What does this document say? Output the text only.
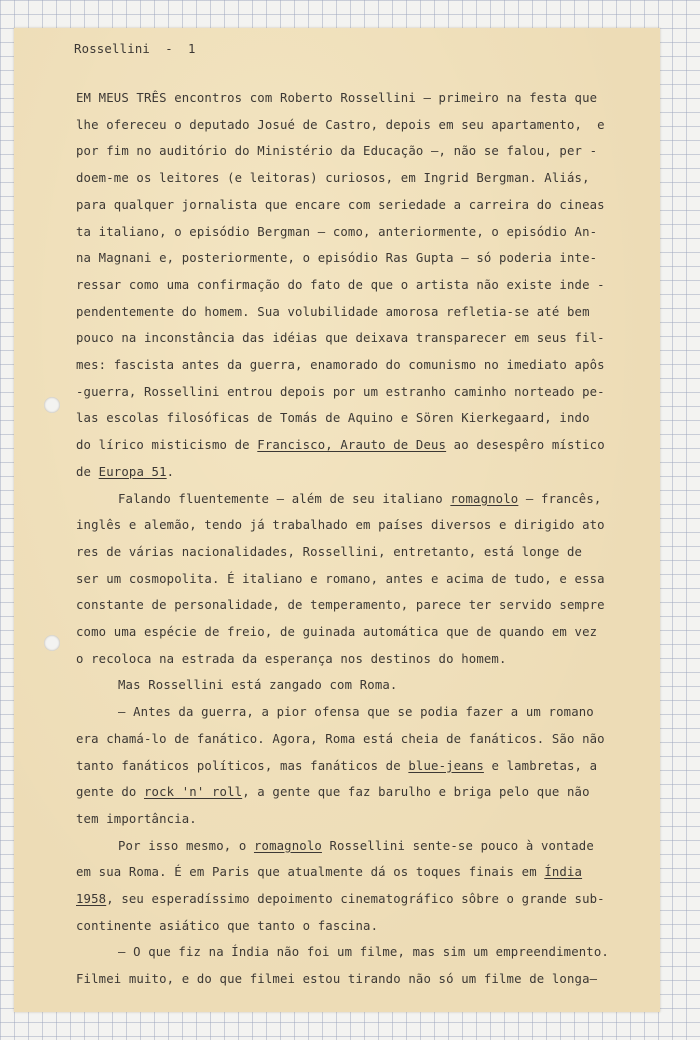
Rossellini  -  1
EM MEUS TRÊS encontros com Roberto Rossellini — primeiro na festa que
lhe ofereceu o deputado Josué de Castro, depois em seu apartamento,  e
por fim no auditório do Ministério da Educação —, não se falou, per -
doem-me os leitores (e leitoras) curiosos, em Ingrid Bergman. Aliás,
para qualquer jornalista que encare com seriedade a carreira do cineas
ta italiano, o episódio Bergman — como, anteriormente, o episódio An-
na Magnani e, posteriormente, o episódio Ras Gupta — só poderia inte-
ressar como uma confirmação do fato de que o artista não existe inde -
pendentemente do homem. Sua volubilidade amorosa refletia-se até bem
pouco na inconstância das idéias que deixava transparecer em seus fil-
mes: fascista antes da guerra, enamorado do comunismo no imediato apôs
-guerra, Rossellini entrou depois por um estranho caminho norteado pe-
las escolas filosóficas de Tomás de Aquino e Sören Kierkegaard, indo
do lírico misticismo de Francisco, Arauto de Deus ao desespêro místico
de Europa 51.
Falando fluentemente — além de seu italiano romagnolo — francês,
inglês e alemão, tendo já trabalhado em países diversos e dirigido ato
res de várias nacionalidades, Rossellini, entretanto, está longe de
ser um cosmopolita. É italiano e romano, antes e acima de tudo, e essa
constante de personalidade, de temperamento, parece ter servido sempre
como uma espécie de freio, de guinada automática que de quando em vez
o recoloca na estrada da esperança nos destinos do homem.
Mas Rossellini está zangado com Roma.
— Antes da guerra, a pior ofensa que se podia fazer a um romano
era chamá-lo de fanático. Agora, Roma está cheia de fanáticos. São não
tanto fanáticos políticos, mas fanáticos de blue-jeans e lambretas, a
gente do rock 'n' roll, a gente que faz barulho e briga pelo que não
tem importância.
Por isso mesmo, o romagnolo Rossellini sente-se pouco à vontade
em sua Roma. É em Paris que atualmente dá os toques finais em Índia
1958, seu esperadíssimo depoimento cinematográfico sôbre o grande sub-
continente asiático que tanto o fascina.
— O que fiz na Índia não foi um filme, mas sim um empreendimento.
Filmei muito, e do que filmei estou tirando não só um filme de longa—
